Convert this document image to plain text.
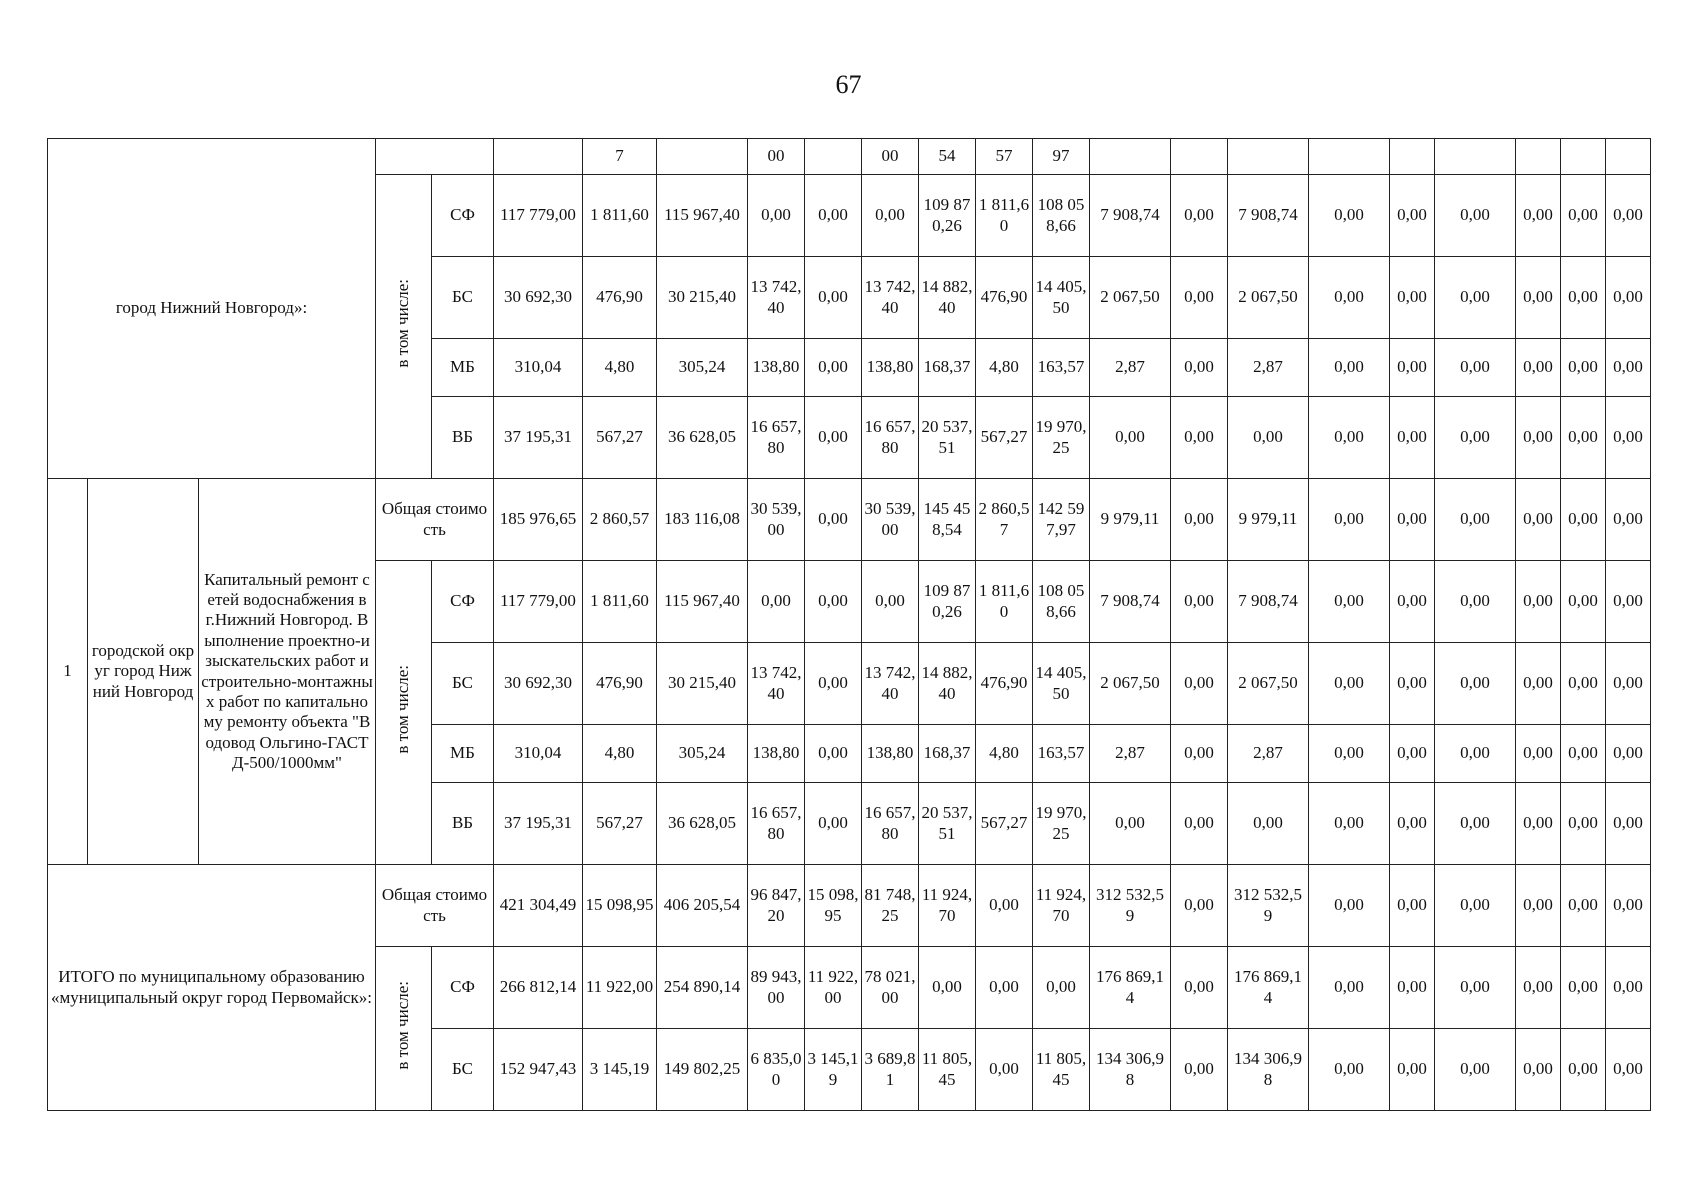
67
город Нижний Новгород»:						7		00		00	54	57	97									
			в том числе:	СФ	117 779,00	1 811,60	115 967,40	0,00	0,00	0,00	109 870,26	1 811,60	108 058,66	7 908,74	0,00	7 908,74	0,00	0,00	0,00	0,00	0,00	0,00
				БС	30 692,30	476,90	30 215,40	13 742,40	0,00	13 742,40	14 882,40	476,90	14 405,50	2 067,50	0,00	2 067,50	0,00	0,00	0,00	0,00	0,00	0,00
				МБ	310,04	4,80	305,24	138,80	0,00	138,80	168,37	4,80	163,57	2,87	0,00	2,87	0,00	0,00	0,00	0,00	0,00	0,00
				ВБ	37 195,31	567,27	36 628,05	16 657,80	0,00	16 657,80	20 537,51	567,27	19 970,25	0,00	0,00	0,00	0,00	0,00	0,00	0,00	0,00	0,00
1	городской округ город Нижний Новгород	Капитальный ремонт сетей водоснабжения в г.Нижний Новгород. Выполнение проектно-изыскательских работ и строительно-монтажных работ по капитальному ремонту объекта "Водовод Ольгино-ГАСТ Д-500/1000мм"	Общая стоимость		185 976,65	2 860,57	183 116,08	30 539,00	0,00	30 539,00	145 458,54	2 860,57	142 597,97	9 979,11	0,00	9 979,11	0,00	0,00	0,00	0,00	0,00	0,00
			в том числе:	СФ	117 779,00	1 811,60	115 967,40	0,00	0,00	0,00	109 870,26	1 811,60	108 058,66	7 908,74	0,00	7 908,74	0,00	0,00	0,00	0,00	0,00	0,00
				БС	30 692,30	476,90	30 215,40	13 742,40	0,00	13 742,40	14 882,40	476,90	14 405,50	2 067,50	0,00	2 067,50	0,00	0,00	0,00	0,00	0,00	0,00
				МБ	310,04	4,80	305,24	138,80	0,00	138,80	168,37	4,80	163,57	2,87	0,00	2,87	0,00	0,00	0,00	0,00	0,00	0,00
				ВБ	37 195,31	567,27	36 628,05	16 657,80	0,00	16 657,80	20 537,51	567,27	19 970,25	0,00	0,00	0,00	0,00	0,00	0,00	0,00	0,00	0,00
ИТОГО по муниципальному образованию «муниципальный округ город Первомайск»:			Общая стоимость		421 304,49	15 098,95	406 205,54	96 847,20	15 098,95	81 748,25	11 924,70	0,00	11 924,70	312 532,59	0,00	312 532,59	0,00	0,00	0,00	0,00	0,00	0,00
			в том числе:	СФ	266 812,14	11 922,00	254 890,14	89 943,00	11 922,00	78 021,00	0,00	0,00	0,00	176 869,14	0,00	176 869,14	0,00	0,00	0,00	0,00	0,00	0,00
				БС	152 947,43	3 145,19	149 802,25	6 835,00	3 145,19	3 689,81	11 805,45	0,00	11 805,45	134 306,98	0,00	134 306,98	0,00	0,00	0,00	0,00	0,00	0,00
